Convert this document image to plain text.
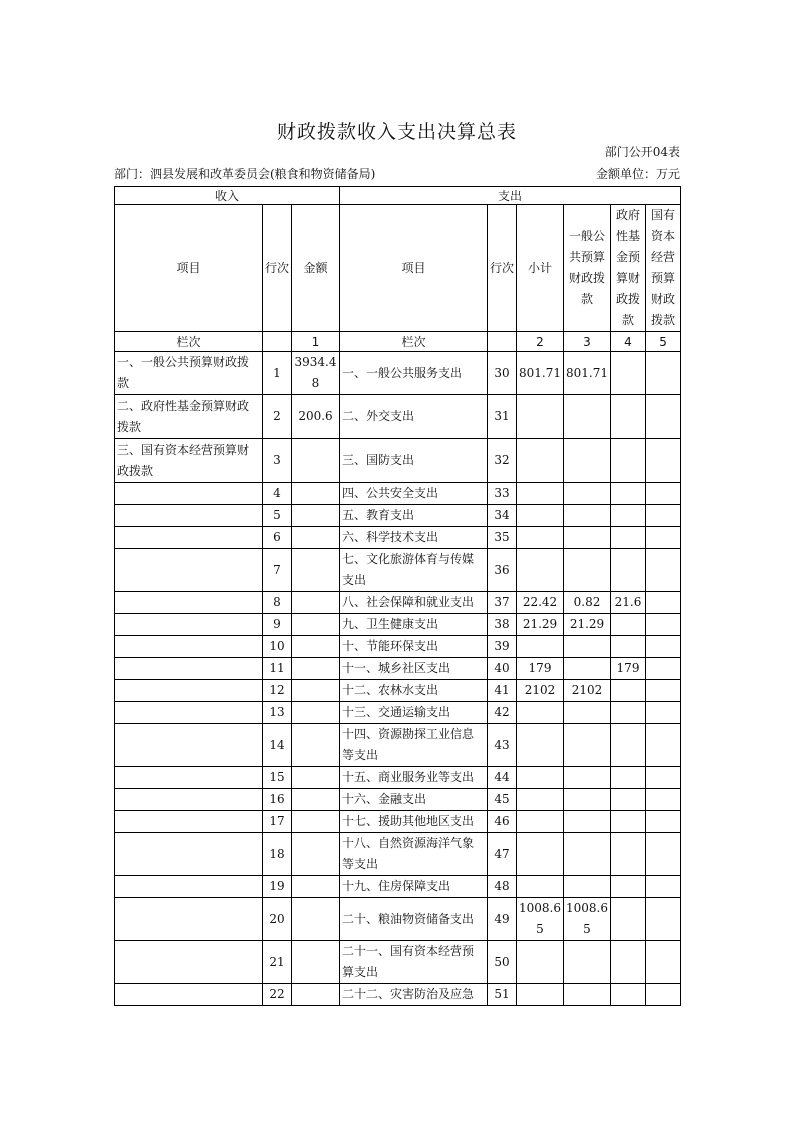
财政拨款收入支出决算总表
部门公开04表
部门：泗县发展和改革委员会(粮食和物资储备局)	金额单位：万元
收入			支出					
项目	行次	金额	项目	行次	小计	一般公共预算财政拨款	政府性基金预算财政拨款	国有资本经营预算财政拨款
栏次		1	栏次		2	3	4	5
一、一般公共预算财政拨款	1	3934.48	一、一般公共服务支出	30	801.71	801.71		
二、政府性基金预算财政拨款	2	200.6	二、外交支出	31				
三、国有资本经营预算财政拨款	3		三、国防支出	32				
	4		四、公共安全支出	33				
	5		五、教育支出	34				
	6		六、科学技术支出	35				
	7		七、文化旅游体育与传媒支出	36				
	8		八、社会保障和就业支出	37	22.42	0.82	21.6	
	9		九、卫生健康支出	38	21.29	21.29		
	10		十、节能环保支出	39				
	11		十一、城乡社区支出	40	179		179	
	12		十二、农林水支出	41	2102	2102		
	13		十三、交通运输支出	42				
	14		十四、资源勘探工业信息等支出	43				
	15		十五、商业服务业等支出	44				
	16		十六、金融支出	45				
	17		十七、援助其他地区支出	46				
	18		十八、自然资源海洋气象等支出	47				
	19		十九、住房保障支出	48				
	20		二十、粮油物资储备支出	49	1008.65	1008.65		
	21		二十一、国有资本经营预算支出	50				
	22		二十二、灾害防治及应急	51				
